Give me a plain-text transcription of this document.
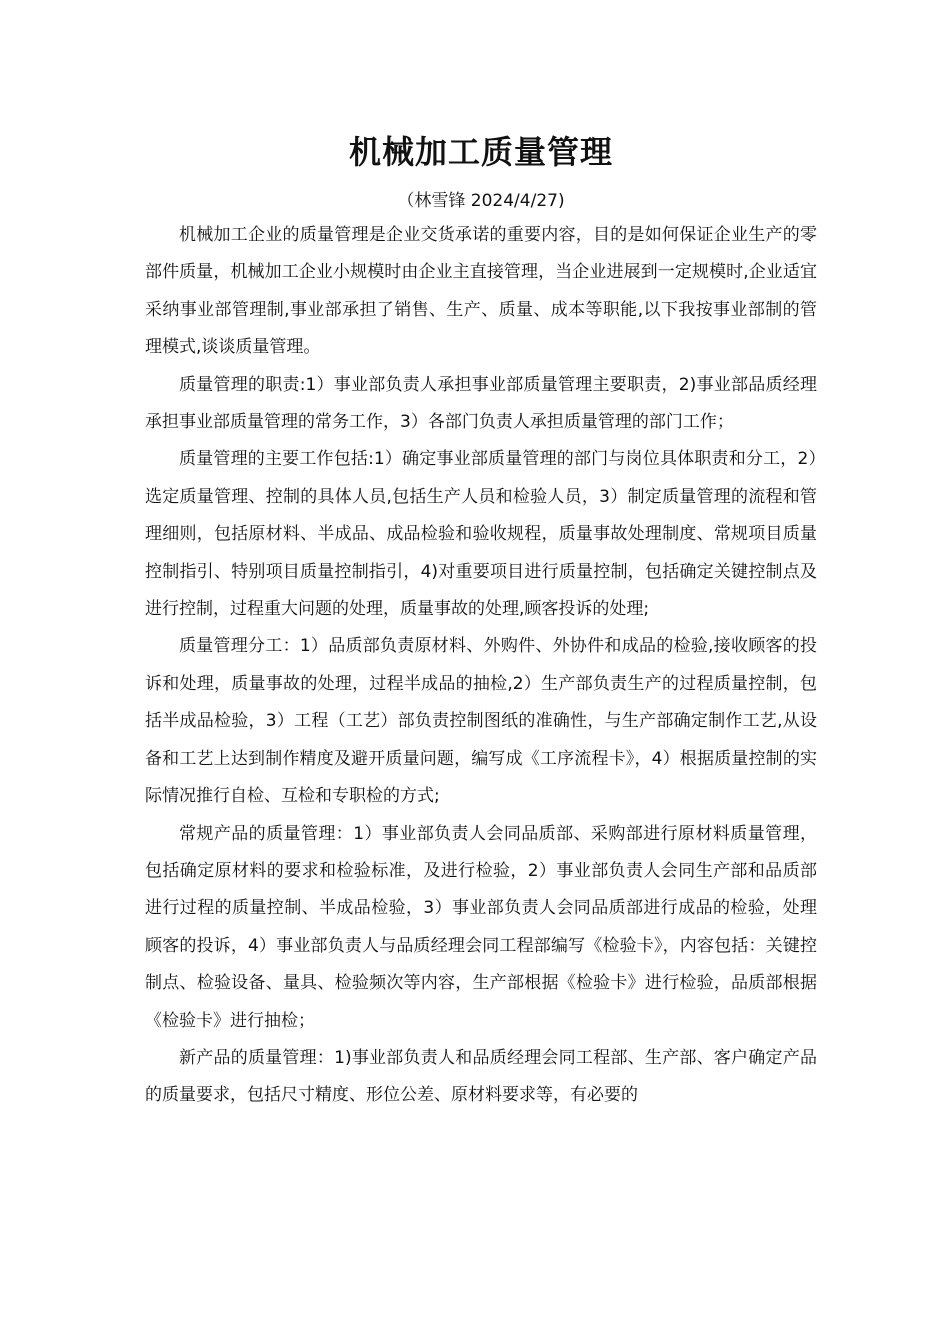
机械加工质量管理
（林雪锋 2024/4/27)

机械加工企业的质量管理是企业交货承诺的重要内容，目的是如何保证企业生产的零部件质量，机械加工企业小规模时由企业主直接管理，当企业进展到一定规模时,企业适宜采纳事业部管理制,事业部承担了销售、生产、质量、成本等职能,以下我按事业部制的管理模式,谈谈质量管理。

质量管理的职责:1）事业部负责人承担事业部质量管理主要职责，2)事业部品质经理承担事业部质量管理的常务工作，3）各部门负责人承担质量管理的部门工作；

质量管理的主要工作包括:1）确定事业部质量管理的部门与岗位具体职责和分工，2）选定质量管理、控制的具体人员,包括生产人员和检验人员，3）制定质量管理的流程和管理细则，包括原材料、半成品、成品检验和验收规程，质量事故处理制度、常规项目质量控制指引、特别项目质量控制指引，4)对重要项目进行质量控制，包括确定关键控制点及进行控制，过程重大问题的处理，质量事故的处理,顾客投诉的处理;

质量管理分工：1）品质部负责原材料、外购件、外协件和成品的检验,接收顾客的投诉和处理，质量事故的处理，过程半成品的抽检,2）生产部负责生产的过程质量控制，包括半成品检验，3）工程（工艺）部负责控制图纸的准确性，与生产部确定制作工艺,从设备和工艺上达到制作精度及避开质量问题，编写成《工序流程卡》，4）根据质量控制的实际情况推行自检、互检和专职检的方式;

常规产品的质量管理：1）事业部负责人会同品质部、采购部进行原材料质量管理，包括确定原材料的要求和检验标准，及进行检验，2）事业部负责人会同生产部和品质部进行过程的质量控制、半成品检验，3）事业部负责人会同品质部进行成品的检验，处理顾客的投诉，4）事业部负责人与品质经理会同工程部编写《检验卡》，内容包括：关键控制点、检验设备、量具、检验频次等内容，生产部根据《检验卡》进行检验，品质部根据《检验卡》进行抽检；

新产品的质量管理：1)事业部负责人和品质经理会同工程部、生产部、客户确定产品的质量要求，包括尺寸精度、形位公差、原材料要求等，有必要的
